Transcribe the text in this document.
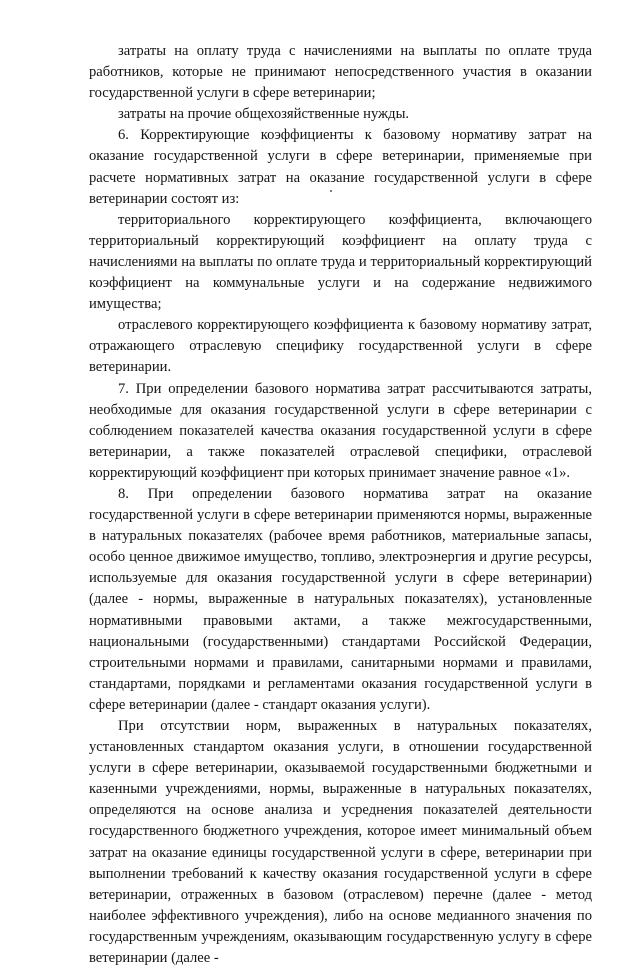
затраты на оплату труда с начислениями на выплаты по оплате труда работников, которые не принимают непосредственного участия в оказании государственной услуги в сфере ветеринарии;

затраты на прочие общехозяйственные нужды.

6. Корректирующие коэффициенты к базовому нормативу затрат на оказание государственной услуги в сфере ветеринарии, применяемые при расчете нормативных затрат на оказание государственной услуги в сфере ветеринарии состоят из:

территориального корректирующего коэффициента, включающего территориальный корректирующий коэффициент на оплату труда с начислениями на выплаты по оплате труда и территориальный корректирующий коэффициент на коммунальные услуги и на содержание недвижимого имущества;

отраслевого корректирующего коэффициента к базовому нормативу затрат, отражающего отраслевую специфику государственной услуги в сфере ветеринарии.

7. При определении базового норматива затрат рассчитываются затраты, необходимые для оказания государственной услуги в сфере ветеринарии с соблюдением показателей качества оказания государственной услуги в сфере ветеринарии, а также показателей отраслевой специфики, отраслевой корректирующий коэффициент при которых принимает значение равное «1».

8. При определении базового норматива затрат на оказание государственной услуги в сфере ветеринарии применяются нормы, выраженные в натуральных показателях (рабочее время работников, материальные запасы, особо ценное движимое имущество, топливо, электроэнергия и другие ресурсы, используемые для оказания государственной услуги в сфере ветеринарии) (далее - нормы, выраженные в натуральных показателях), установленные нормативными правовыми актами, а также межгосударственными, национальными (государственными) стандартами Российской Федерации, строительными нормами и правилами, санитарными нормами и правилами, стандартами, порядками и регламентами оказания государственной услуги в сфере ветеринарии (далее - стандарт оказания услуги).

При отсутствии норм, выраженных в натуральных показателях, установленных стандартом оказания услуги, в отношении государственной услуги в сфере ветеринарии, оказываемой государственными бюджетными и казенными учреждениями, нормы, выраженные в натуральных показателях, определяются на основе анализа и усреднения показателей деятельности государственного бюджетного учреждения, которое имеет минимальный объем затрат на оказание единицы государственной услуги в сфере, ветеринарии при выполнении требований к качеству оказания государственной услуги в сфере ветеринарии, отраженных в базовом (отраслевом) перечне (далее - метод наиболее эффективного учреждения), либо на основе медианного значения по государственным учреждениям, оказывающим государственную услугу в сфере ветеринарии (далее -
